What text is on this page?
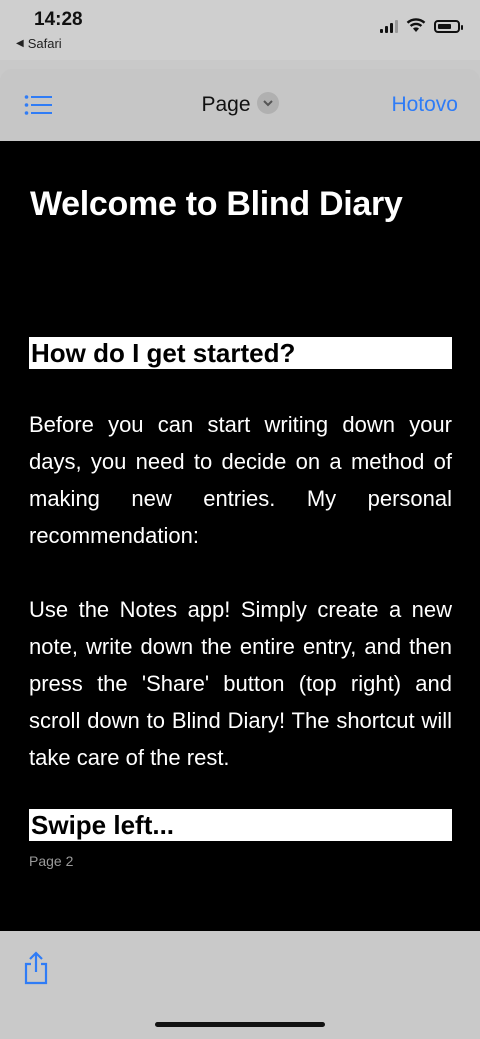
14:28
◀ Safari
Page	Hotovo
Welcome to Blind Diary
How do I get started?

Before you can start writing down your days, you need to decide on a method of making new entries. My personal recommendation:

Use the Notes app! Simply create a new note, write down the entire entry, and then press the 'Share' button (top right) and scroll down to Blind Diary! The shortcut will take care of the rest.

Swipe left...
Page 2
